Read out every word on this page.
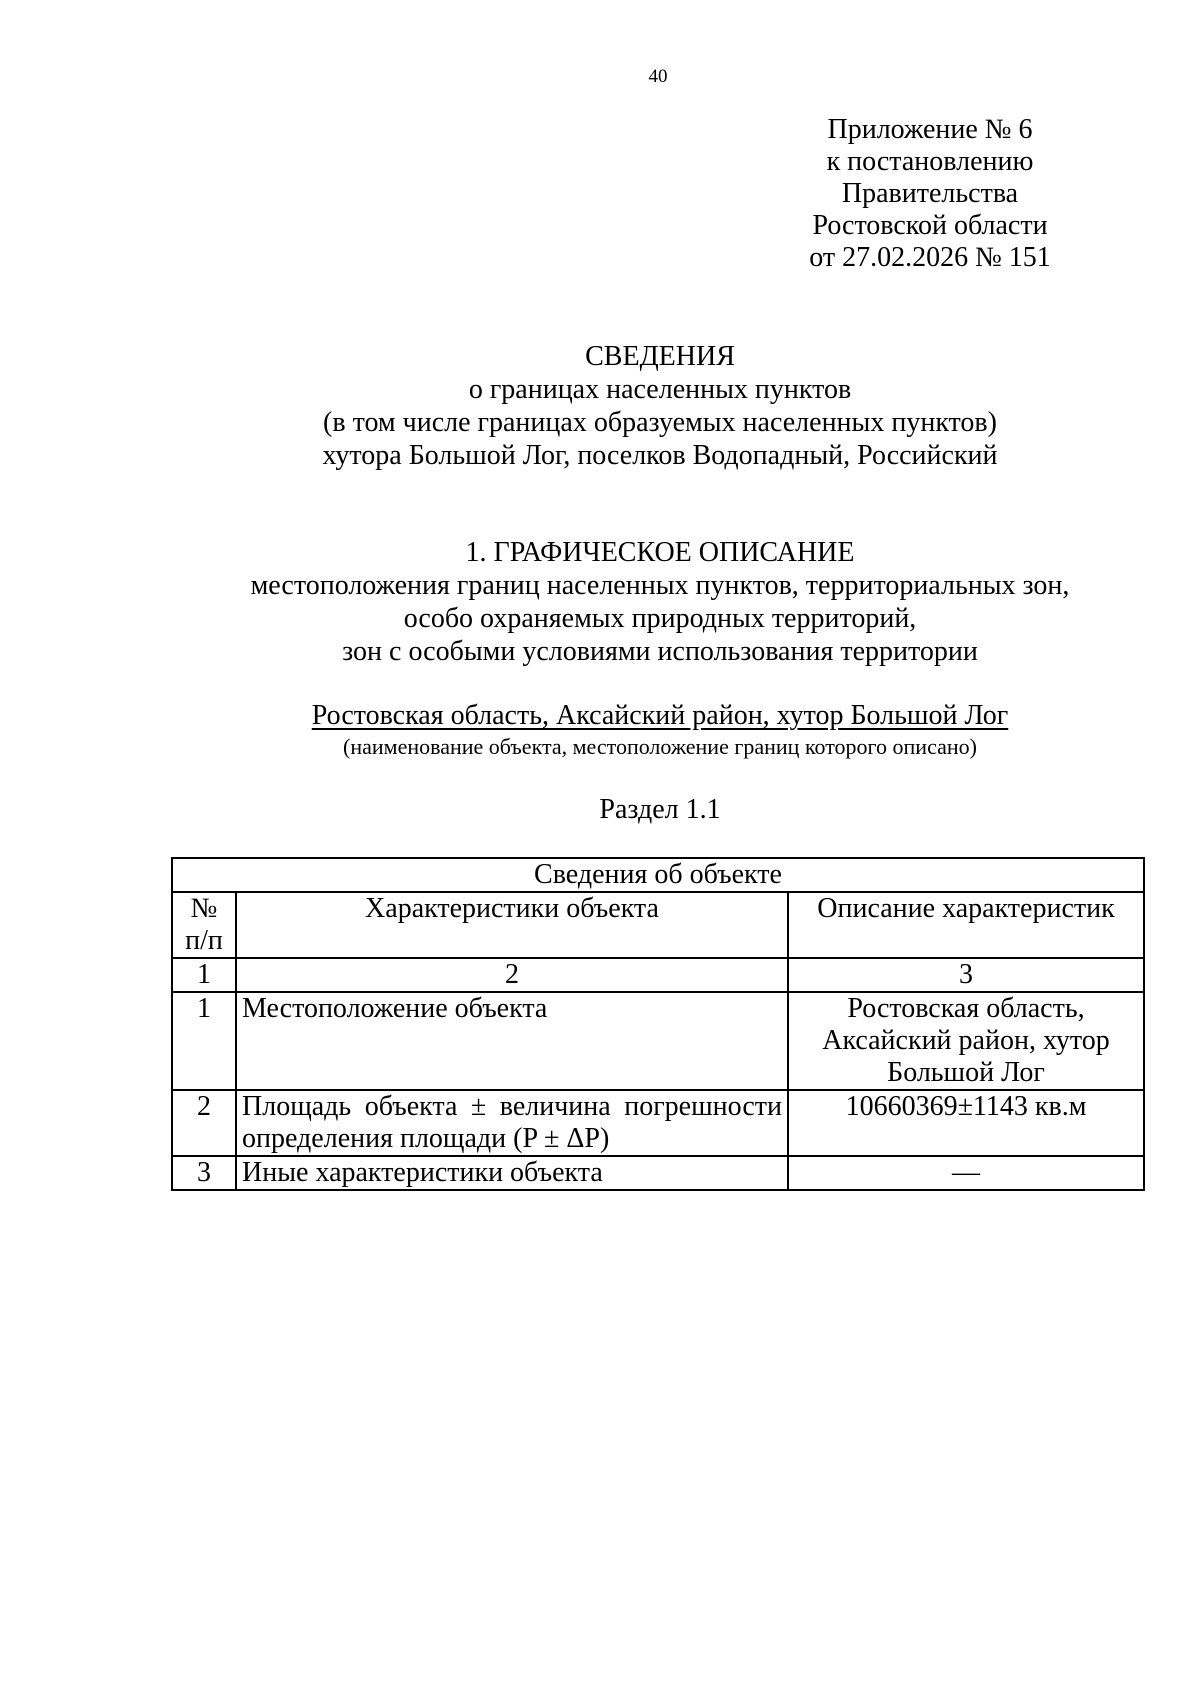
40
Приложение № 6
к постановлению
Правительства
Ростовской области
от 27.02.2026 № 151
СВЕДЕНИЯ
о границах населенных пунктов
(в том числе границах образуемых населенных пунктов)
хутора Большой Лог, поселков Водопадный, Российский
1. ГРАФИЧЕСКОЕ ОПИСАНИЕ
местоположения границ населенных пунктов, территориальных зон,
особо охраняемых природных территорий,
зон с особыми условиями использования территории
Ростовская область, Аксайский район, хутор Большой Лог
(наименование объекта, местоположение границ которого описано)
Раздел 1.1
Сведения об объекте		
№ п/п	Характеристики объекта	Описание характеристик
1	2	3
1	Местоположение объекта	Ростовская область, Аксайский район, хутор Большой Лог
2	Площадь объекта ± величина погрешности определения площади (P ± ΔP)	10660369±1143 кв.м
3	Иные характеристики объекта	—
